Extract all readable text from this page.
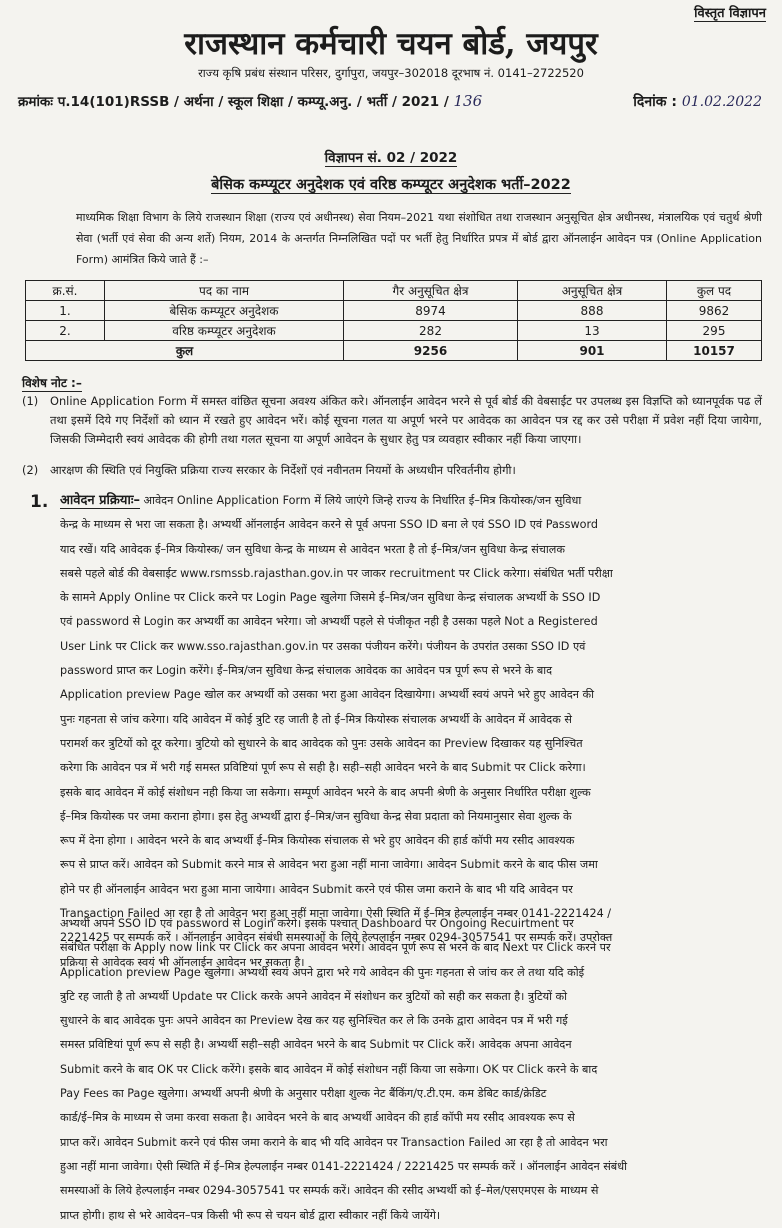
विस्तृत विज्ञापन
राजस्थान कर्मचारी चयन बोर्ड, जयपुर
राज्य कृषि प्रबंध संस्थान परिसर, दुर्गापुरा, जयपुर–302018 दूरभाष नं. 0141–2722520
क्रमांकः प.14(101)RSSB / अर्थना / स्कूल शिक्षा / कम्प्यू.अनु. / भर्ती / 2021 / 136	दिनांक : 01.02.2022
विज्ञापन सं. 02 / 2022
बेसिक कम्प्यूटर अनुदेशक एवं वरिष्ठ कम्प्यूटर अनुदेशक भर्ती–2022
माध्यमिक शिक्षा विभाग के लिये राजस्थान शिक्षा (राज्य एवं अधीनस्थ) सेवा नियम–2021 यथा संशोधित तथा राजस्थान अनुसूचित क्षेत्र अधीनस्थ, मंत्रालयिक एवं चतुर्थ श्रेणी सेवा (भर्ती एवं सेवा की अन्य शर्ते) नियम, 2014 के अन्तर्गत निम्नलिखित पदों पर भर्ती हेतु निर्धारित प्रपत्र में बोर्ड द्वारा ऑनलाईन आवेदन पत्र (Online Application Form) आमंत्रित किये जाते हैं :–
क्र.सं.	पद का नाम	गैर अनुसूचित क्षेत्र	अनुसूचित क्षेत्र	कुल पद
1.	बेसिक कम्प्यूटर अनुदेशक	8974	888	9862
2.	वरिष्ठ कम्प्यूटर अनुदेशक	282	13	295
कुल		9256	901	10157
विशेष नोट :–
(1) Online Application Form में समस्त वांछित सूचना अवश्य अंकित करे। ऑनलाईन आवेदन भरने से पूर्व बोर्ड की वेबसाईट पर उपलब्ध इस विज्ञप्ति को ध्यानपूर्वक पढ लें तथा इसमें दिये गए निर्देशों को ध्यान में रखते हुए आवेदन भरें। कोई सूचना गलत या अपूर्ण भरने पर आवेदक का आवेदन पत्र रद्द कर उसे परीक्षा में प्रवेश नहीं दिया जायेगा, जिसकी जिम्मेदारी स्वयं आवेदक की होगी तथा गलत सूचना या अपूर्ण आवेदन के सुधार हेतु पत्र व्यवहार स्वीकार नहीं किया जाएगा।
(2) आरक्षण की स्थिति एवं नियुक्ति प्रक्रिया राज्य सरकार के निर्देशों एवं नवीनतम नियमों के अध्यधीन परिवर्तनीय होगी।
1. आवेदन प्रक्रियाः– आवेदन Online Application Form में लिये जाएंगे जिन्हे राज्य के निर्धारित ई–मित्र कियोस्क/जन सुविधा
केन्द्र के माध्यम से भरा जा सकता है। अभ्यर्थी ऑनलाईन आवेदन करने से पूर्व अपना SSO ID बना ले एवं SSO ID एवं Password
याद रखें। यदि आवेदक ई–मित्र कियोस्क/ जन सुविधा केन्द्र के माध्यम से आवेदन भरता है तो ई–मित्र/जन सुविधा केन्द्र संचालक
सबसे पहले बोर्ड की वेबसाईट www.rsmssb.rajasthan.gov.in पर जाकर recruitment पर Click करेगा। संबंधित भर्ती परीक्षा
के सामने Apply Online पर Click करने पर Login Page खुलेगा जिसमे ई–मित्र/जन सुविधा केन्द्र संचालक अभ्यर्थी के SSO ID
एवं password से Login कर अभ्यर्थी का आवेदन भरेगा। जो अभ्यर्थी पहले से पंजीकृत नही है उसका पहले Not a Registered
User Link पर Click कर www.sso.rajasthan.gov.in पर उसका पंजीयन करेंगे। पंजीयन के उपरांत उसका SSO ID एवं
password प्राप्त कर Login करेंगे। ई–मित्र/जन सुविधा केन्द्र संचालक आवेदक का आवेदन पत्र पूर्ण रूप से भरने के बाद
Application preview Page खोल कर अभ्यर्थी को उसका भरा हुआ आवेदन दिखायेगा। अभ्यर्थी स्वयं अपने भरे हुए आवेदन की
पुनः गहनता से जांच करेगा। यदि आवेदन में कोई त्रुटि रह जाती है तो ई–मित्र कियोस्क संचालक अभ्यर्थी के आवेदन में आवेदक से
परामर्श कर त्रुटियों को दूर करेगा। त्रुटियो को सुधारने के बाद आवेदक को पुनः उसके आवेदन का Preview दिखाकर यह सुनिश्चित
करेगा कि आवेदन पत्र में भरी गई समस्त प्रविष्टियां पूर्ण रूप से सही है। सही–सही आवेदन भरने के बाद Submit पर Click करेगा।
इसके बाद आवेदन में कोई संशोधन नही किया जा सकेगा। सम्पूर्ण आवेदन भरने के बाद अपनी श्रेणी के अनुसार निर्धारित परीक्षा शुल्क
ई–मित्र कियोस्क पर जमा कराना होगा। इस हेतु अभ्यर्थी द्वारा ई–मित्र/जन सुविधा केन्द्र सेवा प्रदाता को नियमानुसार सेवा शुल्क के
रूप में देना होगा । आवेदन भरने के बाद अभ्यर्थी ई–मित्र कियोस्क संचालक से भरे हुए आवेदन की हार्ड कॉपी मय रसीद आवश्यक
रूप से प्राप्त करें। आवेदन को Submit करने मात्र से आवेदन भरा हुआ नहीं माना जावेगा। आवेदन Submit करने के बाद फीस जमा
होने पर ही ऑनलाईन आवेदन भरा हुआ माना जायेगा। आवेदन Submit करने एवं फीस जमा कराने के बाद भी यदि आवेदन पर
Transaction Failed आ रहा है तो आवेदन भरा हुआ नहीं माना जावेगा। ऐसी स्थिति में ई–मित्र हेल्पलाईन नम्बर 0141-2221424 /
2221425 पर सम्पर्क करें । ऑनलाईन आवेदन संबंधी समस्याओं के लिये हेल्पलाईन नम्बर 0294-3057541 पर सम्पर्क करें। उपरोक्त
प्रक्रिया से आवेदक स्वयं भी ऑनलाईन आवेदन भर सकता है।
अभ्यर्थी अपने SSO ID एवं password से Login करेगे। इसके पश्चात् Dashboard पर Ongoing Recuirtment पर
संबंधित परीक्षा के Apply now link पर Click कर अपना आवेदन भरेगें। आवेदन पूर्ण रूप से भरने के बाद Next पर Click करने पर
Application preview Page खुलेगा। अभ्यर्थी स्वयं अपने द्वारा भरे गये आवेदन की पुनः गहनता से जांच कर ले तथा यदि कोई
त्रुटि रह जाती है तो अभ्यर्थी Update पर Click करके अपने आवेदन में संशोधन कर त्रुटियों को सही कर सकता है। त्रुटियों को
सुधारने के बाद आवेदक पुनः अपने आवेदन का Preview देख कर यह सुनिश्चित कर ले कि उनके द्वारा आवेदन पत्र में भरी गई
समस्त प्रविष्टियां पूर्ण रूप से सही है। अभ्यर्थी सही–सही आवेदन भरने के बाद Submit पर Click करें। आवेदक अपना आवेदन
Submit करने के बाद OK पर Click करेंगे। इसके बाद आवेदन में कोई संशोधन नहीं किया जा सकेगा। OK पर Click करने के बाद
Pay Fees का Page खुलेगा। अभ्यर्थी अपनी श्रेणी के अनुसार परीक्षा शुल्क नेट बैंकिंग/ए.टी.एम. कम डेबिट कार्ड/क्रेडिट
कार्ड/ई–मित्र के माध्यम से जमा करवा सकता है। आवेदन भरने के बाद अभ्यर्थी आवेदन की हार्ड कॉपी मय रसीद आवश्यक रूप से
प्राप्त करें। आवेदन Submit करने एवं फीस जमा कराने के बाद भी यदि आवेदन पर Transaction Failed आ रहा है तो आवेदन भरा
हुआ नहीं माना जावेगा। ऐसी स्थिति में ई–मित्र हेल्पलाईन नम्बर 0141-2221424 / 2221425 पर सम्पर्क करें । ऑनलाईन आवेदन संबंधी
समस्याओं के लिये हेल्पलाईन नम्बर 0294-3057541 पर सम्पर्क करें। आवेदन की रसीद अभ्यर्थी को ई–मेल/एसएमएस के माध्यम से
प्राप्त होगी। हाथ से भरे आवेदन–पत्र किसी भी रूप से चयन बोर्ड द्वारा स्वीकार नहीं किये जायेंगे।
